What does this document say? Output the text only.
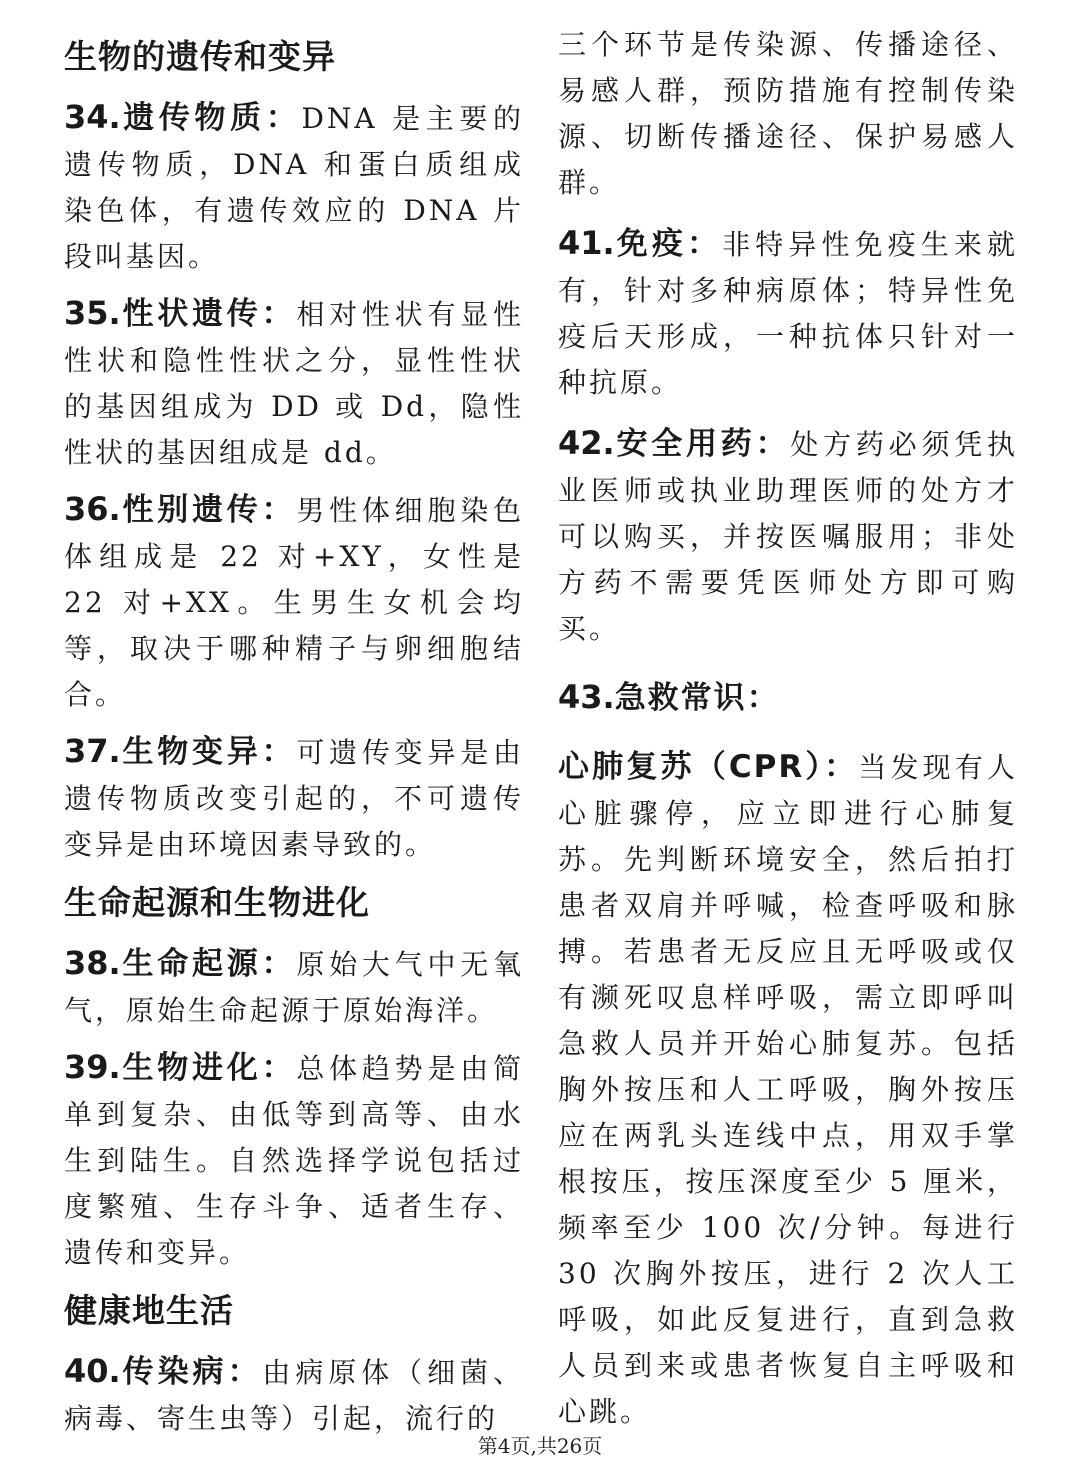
生物的遗传和变异

34.遗传物质：DNA 是主要的遗传物质，DNA 和蛋白质组成染色体，有遗传效应的 DNA 片段叫基因。

35.性状遗传：相对性状有显性性状和隐性性状之分，显性性状的基因组成为 DD 或 Dd，隐性性状的基因组成是 dd。

36.性别遗传：男性体细胞染色体组成是 22 对+XY，女性是 22 对+XX。生男生女机会均等，取决于哪种精子与卵细胞结合。

37.生物变异：可遗传变异是由遗传物质改变引起的，不可遗传变异是由环境因素导致的。

生命起源和生物进化

38.生命起源：原始大气中无氧气，原始生命起源于原始海洋。

39.生物进化：总体趋势是由简单到复杂、由低等到高等、由水生到陆生。自然选择学说包括过度繁殖、生存斗争、适者生存、遗传和变异。

健康地生活

40.传染病：由病原体（细菌、病毒、寄生虫等）引起，流行的

三个环节是传染源、传播途径、易感人群，预防措施有控制传染源、切断传播途径、保护易感人群。

41.免疫：非特异性免疫生来就有，针对多种病原体；特异性免疫后天形成，一种抗体只针对一种抗原。

42.安全用药：处方药必须凭执业医师或执业助理医师的处方才可以购买，并按医嘱服用；非处方药不需要凭医师处方即可购买。

43.急救常识：

心肺复苏（CPR）：当发现有人心脏骤停，应立即进行心肺复苏。先判断环境安全，然后拍打患者双肩并呼喊，检查呼吸和脉搏。若患者无反应且无呼吸或仅有濒死叹息样呼吸，需立即呼叫急救人员并开始心肺复苏。包括胸外按压和人工呼吸，胸外按压应在两乳头连线中点，用双手掌根按压，按压深度至少 5 厘米，频率至少 100 次/分钟。每进行 30 次胸外按压，进行 2 次人工呼吸，如此反复进行，直到急救人员到来或患者恢复自主呼吸和心跳。

第4页,共26页
